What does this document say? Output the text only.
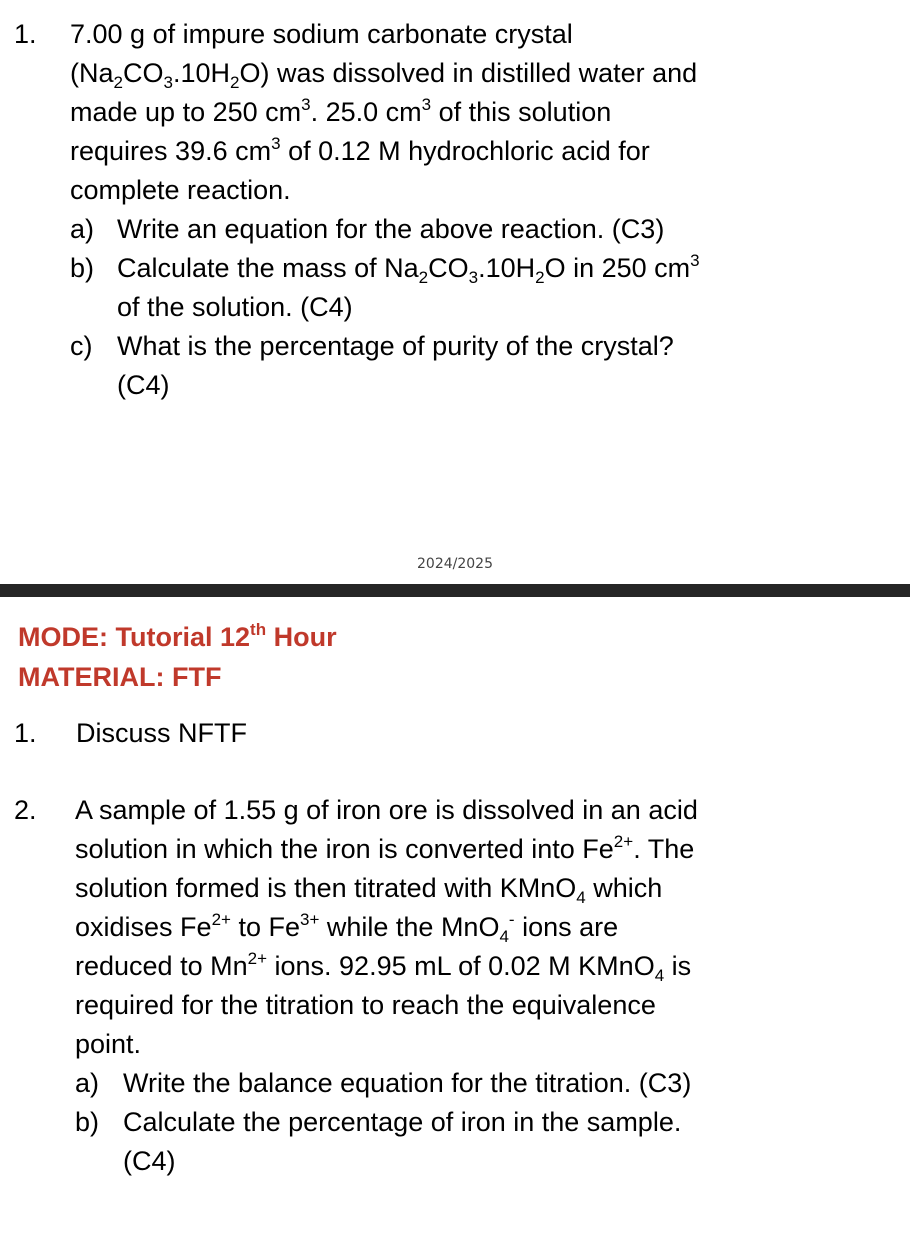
1. 7.00 g of impure sodium carbonate crystal
$(Na_2CO_3.10H_2O)$ was dissolved in distilled water and
made up to 250 $cm^3$. 25.0 $cm^3$ of this solution
requires 39.6 $cm^3$ of 0.12 M hydrochloric acid for
complete reaction.
a) Write an equation for the above reaction. (C3)
b) Calculate the mass of $Na_2CO_3.10H_2O$ in 250 $cm^3$
of the solution. (C4)
c) What is the percentage of purity of the crystal?
(C4)
2024/2025
MODE: Tutorial 12th Hour
MATERIAL: FTF
1. Discuss NFTF
2. A sample of 1.55 g of iron ore is dissolved in an acid
solution in which the iron is converted into $Fe^{2+}$. The
solution formed is then titrated with KMnO$_4$ which
oxidises $Fe^{2+}$ to $Fe^{3+}$ while the MnO$_4$- ions are
reduced to $Mn^{2+}$ ions. 92.95 mL of 0.02 M KMnO$_4$ is
required for the titration to reach the equivalence
point.
a) Write the balance equation for the titration. (C3)
b) Calculate the percentage of iron in the sample.
(C4)
